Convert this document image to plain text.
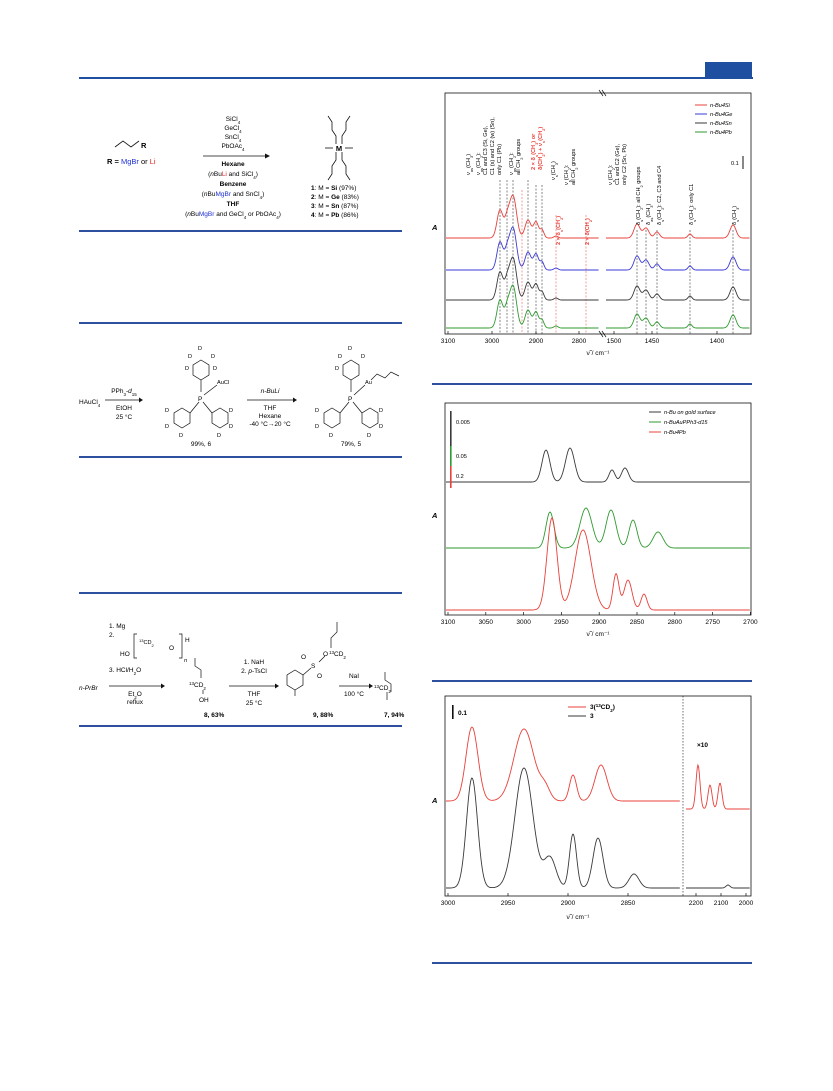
R
R = MgBr or Li
SiCl$_4$
GeCl$_4$
SnCl$_4$
PbOAc$_4$
Hexane
(nBuLi and SiCl$_4$)
Benzene
(nBuMgBr and SnCl$_4$)
THF
(nBuMgBr and GeCl$_4$ or PbOAc$_4$)
M
1: M = Si (97%)
2: M = Ge (83%)
3: M = Sn (87%)
4: M = Pb (86%)
HAuCl$_4$
$PPh_3-d_{15}$
EtOH
25 °C
P
AuCl
D	D
D	D
D
D
D
D
D
D
D
99%, 6
n-BuLi
THF
Hexane
-40 °C→20 °C
P
Au
D	D
D
D
D
D
D
D
D
D
79%, 5
1. Mg
2.
3. HCl/$H_2O$
$^{13}CD_2$ O
H
HO
n
n-PrBr
$Et_2O$
reflux
$^{13}CD_2$
OH
8, 63%
1. NaH
2. p-TsCl
THF
25 °C
S
O
O
O $^{13}CD_2$
9, 88%
NaI
100 °C
$^{13}CD_2$
7, 94%
3100	3000	2900	2800	1500	1450	1400
$\nu_{as}(CH_3)$
$\nu_{as}(CH_2)$: C1 and C3 (Si, Ge), C1 (s) and C2 (w) (Sn), only C1 (Pb) $\nu_{as}(CH_2)$:
all $CH_2$ groups
$2 \times \delta_s(CH_3)$ or
$\delta(CH_2) + \nu_s(CH_2)$
$\nu_s(CH_3)$
$\nu_s(CH_2)$:
all $CH_2$ groups
$2 \times \delta_s(CH_2)$
$2 \times \delta(CH_2)$
$\nu_s(CH_2)$: C1 and C2 (Ge), only C2 (Sn, Pb)
$\delta_s(CH_2)$: all $CH_2$ groups
$\delta_{as}(CH_3)$
$\delta_s(CH_2)$: C2, C3 and C4
$\delta_s(CH_2)$: only C1
$\delta_s(CH_3)$
n-Bu4Si
n-Bu4Ge
n-Bu4Sn
n-Bu4Pb
0.1
A
ν̃ / cm⁻¹
3100	3050	3000	2950	2900	2850	2800	2750	2700
0.005
0.05
0.2
n-Bu on gold surface
n-BuAuPPh3-d15
n-Bu4Pb
A
ν̃ / cm⁻¹
3000	2950	2900	2850	2200 2100 2000
0.1
$3(^{13}CD_2)$
3
×10
A
ν̃ / cm⁻¹
